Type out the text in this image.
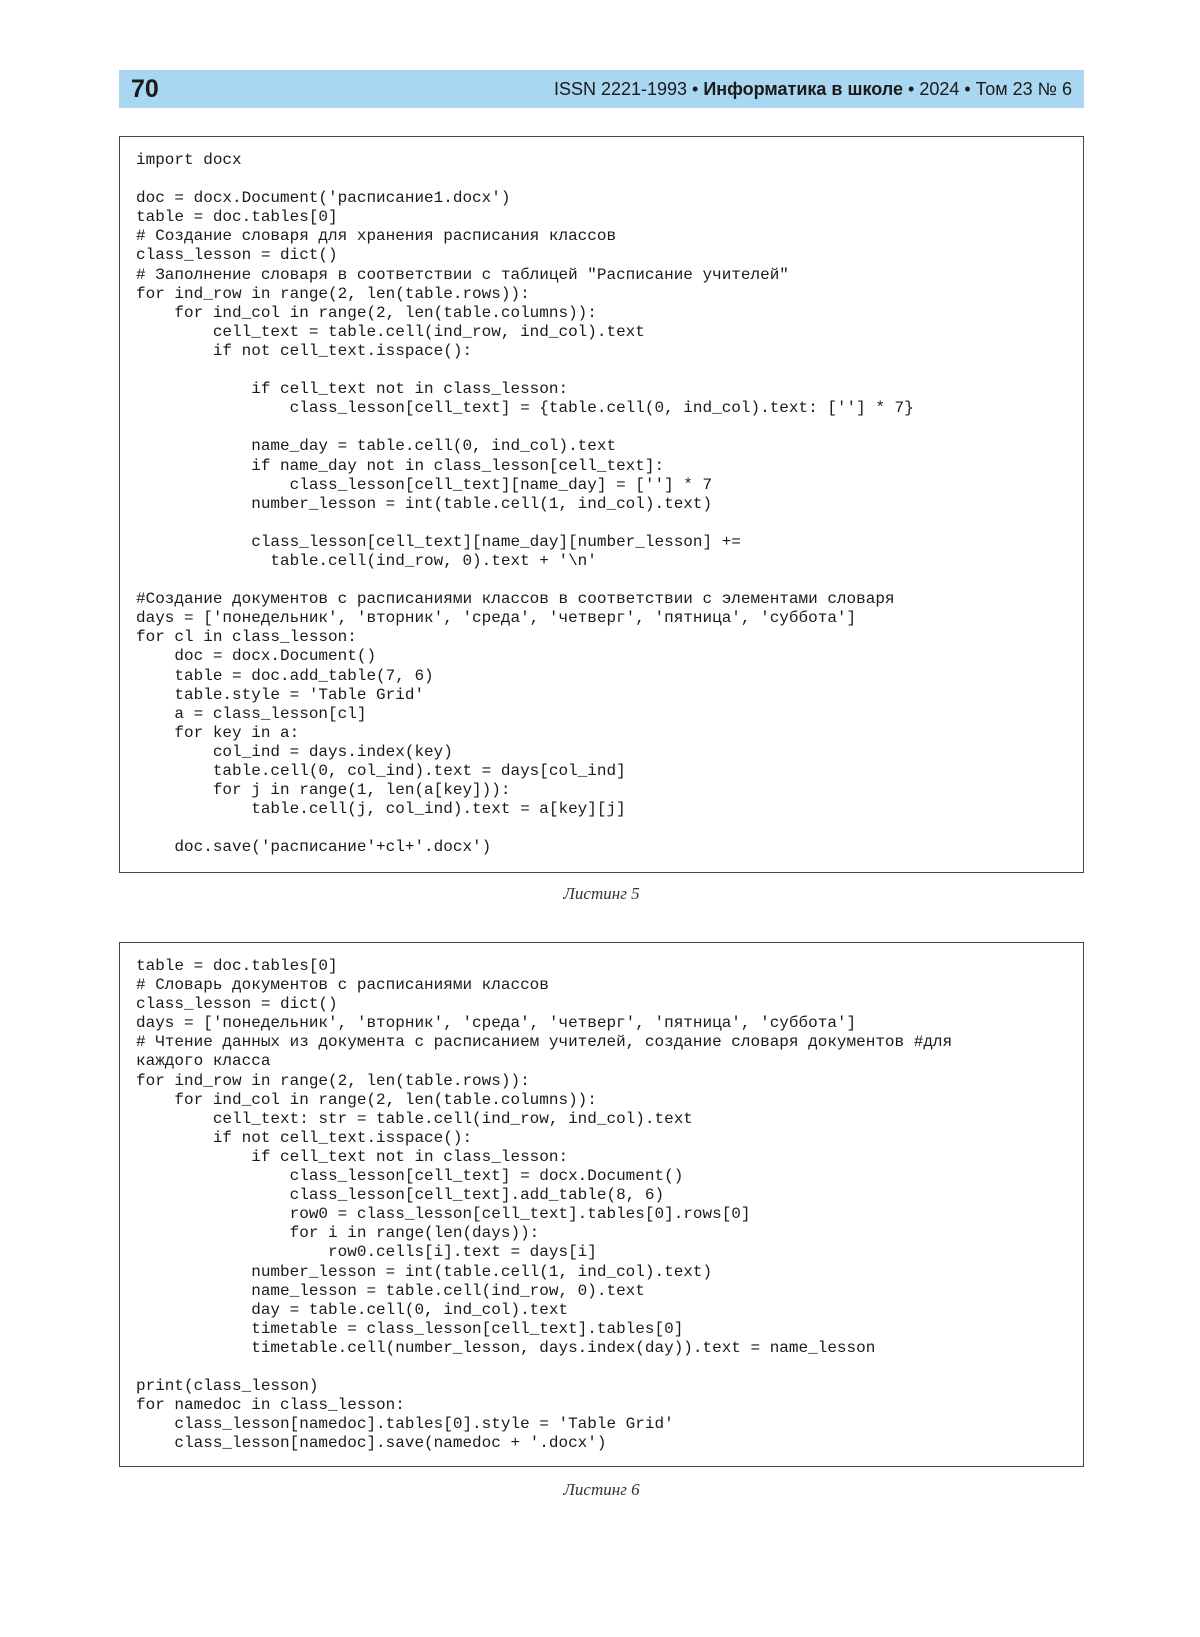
70	ISSN 2221-1993 • Информатика в школе • 2024 • Том 23 № 6
import docx

doc = docx.Document('расписание1.docx')
table = doc.tables[0]
# Создание словаря для хранения расписания классов
class_lesson = dict()
# Заполнение словаря в соответствии с таблицей "Расписание учителей"
for ind_row in range(2, len(table.rows)):
for ind_col in range(2, len(table.columns)):
cell_text = table.cell(ind_row, ind_col).text
if not cell_text.isspace():

if cell_text not in class_lesson:
class_lesson[cell_text] = {table.cell(0, ind_col).text: [''] * 7}

name_day = table.cell(0, ind_col).text
if name_day not in class_lesson[cell_text]:
class_lesson[cell_text][name_day] = [''] * 7
number_lesson = int(table.cell(1, ind_col).text)

class_lesson[cell_text][name_day][number_lesson] +=
table.cell(ind_row, 0).text + '\n'

#Создание документов с расписаниями классов в соответствии с элементами словаря
days = ['понедельник', 'вторник', 'среда', 'четверг', 'пятница', 'суббота']
for cl in class_lesson:
doc = docx.Document()
table = doc.add_table(7, 6)
table.style = 'Table Grid'
a = class_lesson[cl]
for key in a:
col_ind = days.index(key)
table.cell(0, col_ind).text = days[col_ind]
for j in range(1, len(a[key])):
table.cell(j, col_ind).text = a[key][j]

doc.save('расписание'+cl+'.docx')
Листинг 5
table = doc.tables[0]
# Словарь документов с расписаниями классов
class_lesson = dict()
days = ['понедельник', 'вторник', 'среда', 'четверг', 'пятница', 'суббота']
# Чтение данных из документа с расписанием учителей, создание словаря документов #для
каждого класса
for ind_row in range(2, len(table.rows)):
for ind_col in range(2, len(table.columns)):
cell_text: str = table.cell(ind_row, ind_col).text
if not cell_text.isspace():
if cell_text not in class_lesson:
class_lesson[cell_text] = docx.Document()
class_lesson[cell_text].add_table(8, 6)
row0 = class_lesson[cell_text].tables[0].rows[0]
for i in range(len(days)):
row0.cells[i].text = days[i]
number_lesson = int(table.cell(1, ind_col).text)
name_lesson = table.cell(ind_row, 0).text
day = table.cell(0, ind_col).text
timetable = class_lesson[cell_text].tables[0]
timetable.cell(number_lesson, days.index(day)).text = name_lesson

print(class_lesson)
for namedoc in class_lesson:
class_lesson[namedoc].tables[0].style = 'Table Grid'
class_lesson[namedoc].save(namedoc + '.docx')
Листинг 6
